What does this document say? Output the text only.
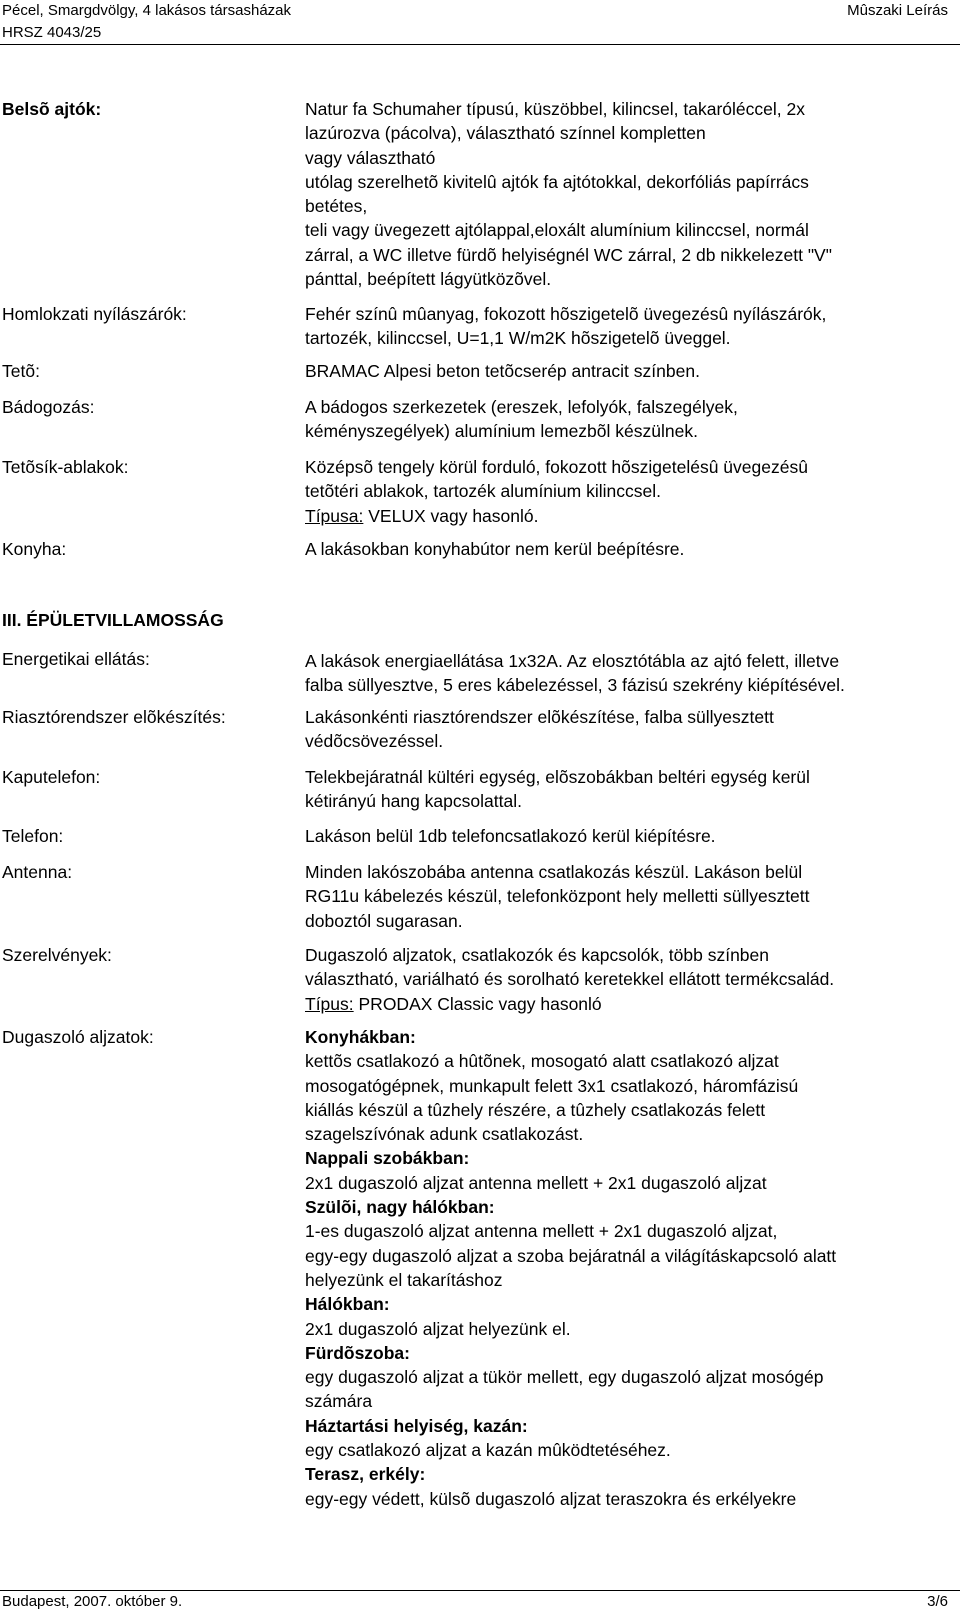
Pécel, Smargdvölgy, 4 lakásos társasházak
HRSZ 4043/25
Mûszaki Leírás
Belsõ ajtók:	Natur fa Schumaher típusú, küszöbbel, kilincsel, takaróléccel, 2x
lazúrozva (pácolva), választható színnel kompletten
vagy választható
utólag szerelhetõ kivitelû ajtók fa ajtótokkal, dekorfóliás papírrács
betétes,
teli vagy üvegezett ajtólappal,eloxált alumínium kilinccsel, normál
zárral, a WC illetve fürdõ helyiségnél WC zárral, 2 db nikkelezett "V"
pánttal, beépített lágyütközõvel.
Homlokzati nyílászárók:	Fehér színû mûanyag, fokozott hõszigetelõ üvegezésû nyílászárók,
tartozék, kilinccsel, U=1,1 W/m2K hõszigetelõ üveggel.
Tetõ:	BRAMAC Alpesi beton tetõcserép antracit színben.
Bádogozás:	A bádogos szerkezetek (ereszek, lefolyók, falszegélyek,
kéményszegélyek) alumínium lemezbõl készülnek.
Tetõsík-ablakok:	Középsõ tengely körül forduló, fokozott hõszigetelésû üvegezésû
tetõtéri ablakok, tartozék alumínium kilinccsel.
Típusa: VELUX vagy hasonló.
Konyha:	A lakásokban konyhabútor nem kerül beépítésre.
III. ÉPÜLETVILLAMOSSÁG
Energetikai ellátás:	A lakások energiaellátása 1x32A. Az elosztótábla az ajtó felett, illetve
falba süllyesztve, 5 eres kábelezéssel, 3 fázisú szekrény kiépítésével.
Riasztórendszer elõkészítés:	Lakásonkénti riasztórendszer elõkészítése, falba süllyesztett
védõcsövezéssel.
Kaputelefon:	Telekbejáratnál kültéri egység, elõszobákban beltéri egység kerül
kétirányú hang kapcsolattal.
Telefon:	Lakáson belül 1db telefoncsatlakozó kerül kiépítésre.
Antenna:	Minden lakószobába antenna csatlakozás készül. Lakáson belül
RG11u kábelezés készül, telefonközpont hely melletti süllyesztett
doboztól sugarasan.
Szerelvények:	Dugaszoló aljzatok, csatlakozók és kapcsolók, több színben
választható, variálható és sorolható keretekkel ellátott termékcsalád.
Típus: PRODAX Classic vagy hasonló
Dugaszoló aljzatok:	Konyhákban:
kettõs csatlakozó a hûtõnek, mosogató alatt csatlakozó aljzat
mosogatógépnek, munkapult felett 3x1 csatlakozó, háromfázisú
kiállás készül a tûzhely részére, a tûzhely csatlakozás felett
szagelszívónak adunk csatlakozást.
Nappali szobákban:
2x1 dugaszoló aljzat antenna mellett + 2x1 dugaszoló aljzat
Szülõi, nagy hálókban:
1-es dugaszoló aljzat antenna mellett + 2x1 dugaszoló aljzat,
egy-egy dugaszoló aljzat a szoba bejáratnál a világításkapcsoló alatt
helyezünk el takarításhoz
Hálókban:
2x1 dugaszoló aljzat helyezünk el.
Fürdõszoba:
egy dugaszoló aljzat a tükör mellett, egy dugaszoló aljzat mosógép
számára
Háztartási helyiség, kazán:
egy csatlakozó aljzat a kazán mûködtetéséhez.
Terasz, erkély:
egy-egy védett, külsõ dugaszoló aljzat teraszokra és erkélyekre
Budapest, 2007. október 9.	3/6
